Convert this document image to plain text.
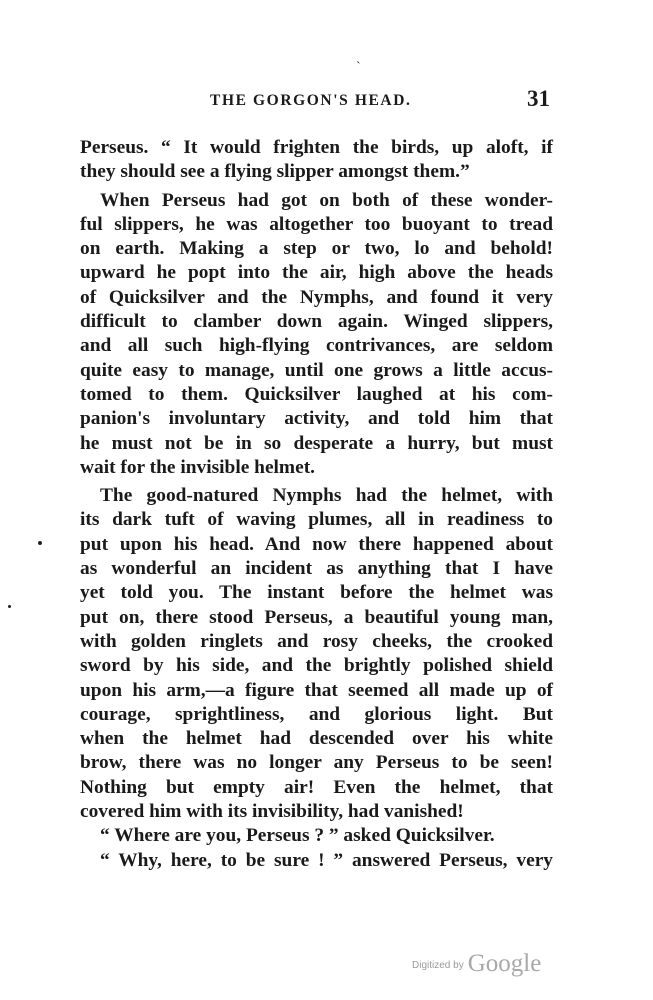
`
THE GORGON'S HEAD.	31
Perseus. “ It would frighten the birds, up aloft, if
they should see a flying slipper amongst them.”
When Perseus had got on both of these wonder-
ful slippers, he was altogether too buoyant to tread
on earth. Making a step or two, lo and behold!
upward he popt into the air, high above the heads
of Quicksilver and the Nymphs, and found it very
difficult to clamber down again. Winged slippers,
and all such high-flying contrivances, are seldom
quite easy to manage, until one grows a little accus-
tomed to them. Quicksilver laughed at his com-
panion's involuntary activity, and told him that
he must not be in so desperate a hurry, but must
wait for the invisible helmet.
The good-natured Nymphs had the helmet, with
its dark tuft of waving plumes, all in readiness to
put upon his head. And now there happened about
as wonderful an incident as anything that I have
yet told you. The instant before the helmet was
put on, there stood Perseus, a beautiful young man,
with golden ringlets and rosy cheeks, the crooked
sword by his side, and the brightly polished shield
upon his arm,—a figure that seemed all made up of
courage, sprightliness, and glorious light. But
when the helmet had descended over his white
brow, there was no longer any Perseus to be seen!
Nothing but empty air! Even the helmet, that
covered him with its invisibility, had vanished!
“ Where are you, Perseus ? ” asked Quicksilver.
“ Why, here, to be sure ! ” answered Perseus, very
Digitized by Google
